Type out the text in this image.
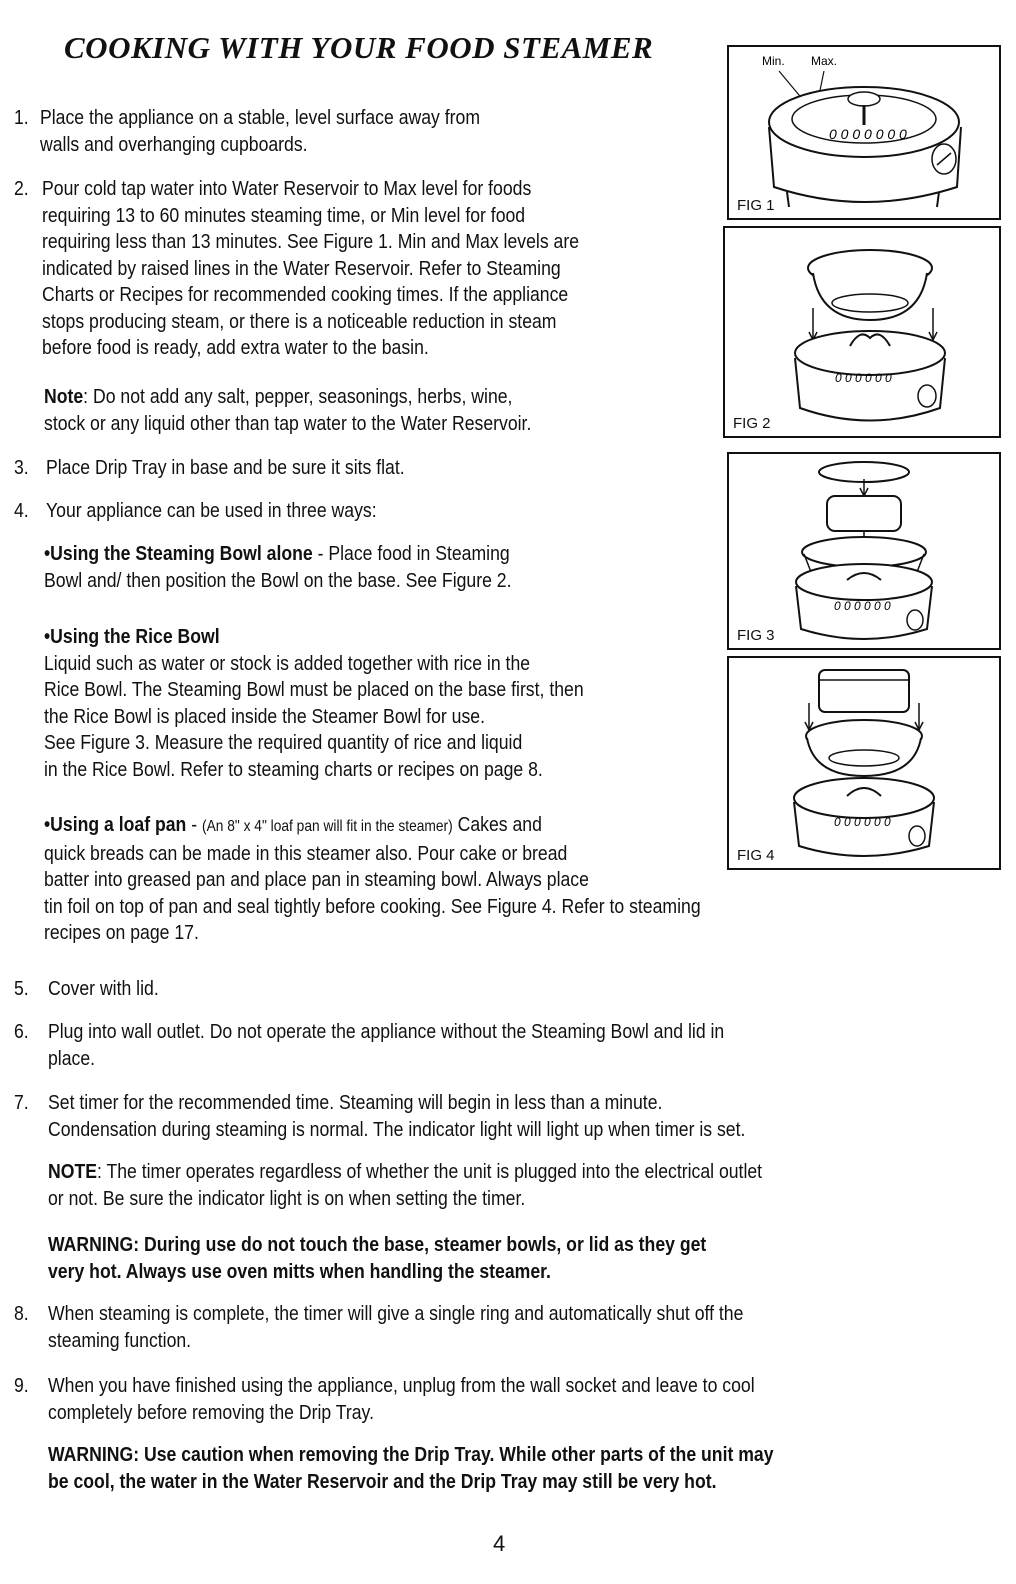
COOKING WITH YOUR FOOD STEAMER
1. Place the appliance on a stable, level surface away from
walls and overhanging cupboards.
2. Pour cold tap water into Water Reservoir to Max level for foods
requiring 13 to 60 minutes steaming time, or Min level for food
requiring less than 13 minutes. See Figure 1. Min and Max levels are
indicated by raised lines in the Water Reservoir. Refer to Steaming
Charts or Recipes for recommended cooking times. If the appliance
stops producing steam, or there is a noticeable reduction in steam
before food is ready, add extra water to the basin.
Note: Do not add any salt, pepper, seasonings, herbs, wine,
stock or any liquid other than tap water to the Water Reservoir.
3. Place Drip Tray in base and be sure it sits flat.
4. Your appliance can be used in three ways:
•Using the Steaming Bowl alone - Place food in Steaming
Bowl and/ then position the Bowl on the base. See Figure 2.
•Using the Rice Bowl
Liquid such as water or stock is added together with rice in the
Rice Bowl. The Steaming Bowl must be placed on the base first, then
the Rice Bowl is placed inside the Steamer Bowl for use.
See Figure 3. Measure the required quantity of rice and liquid
in the Rice Bowl. Refer to steaming charts or recipes on page 8.
•Using a loaf pan - (An 8" x 4" loaf pan will fit in the steamer) Cakes and
quick breads can be made in this steamer also. Pour cake or bread
batter into greased pan and place pan in steaming bowl. Always place
tin foil on top of pan and seal tightly before cooking. See Figure 4. Refer to steaming
recipes on page 17.
5. Cover with lid.
6. Plug into wall outlet. Do not operate the appliance without the Steaming Bowl and lid in
place.
7. Set timer for the recommended time. Steaming will begin in less than a minute.
Condensation during steaming is normal. The indicator light will light up when timer is set.
NOTE: The timer operates regardless of whether the unit is plugged into the electrical outlet
or not. Be sure the indicator light is on when setting the timer.
WARNING: During use do not touch the base, steamer bowls, or lid as they get
very hot. Always use oven mitts when handling the steamer.
8. When steaming is complete, the timer will give a single ring and automatically shut off the
steaming function.
9. When you have finished using the appliance, unplug from the wall socket and leave to cool
completely before removing the Drip Tray.
WARNING: Use caution when removing the Drip Tray. While other parts of the unit may
be cool, the water in the Water Reservoir and the Drip Tray may still be very hot.
Min. Max.
0 0 0 0 0 0 0
FIG 1
0 0 0 0 0 0
FIG 2
0 0 0 0 0 0
FIG 3
0 0 0 0 0 0
FIG 4
4
